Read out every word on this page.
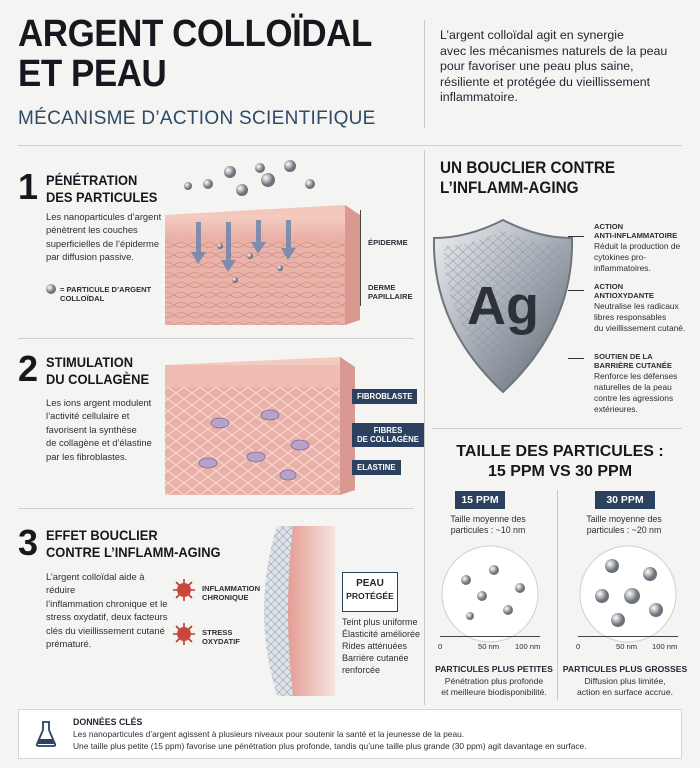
ARGENT COLLOÏDAL
ET PEAU
MÉCANISME D’ACTION SCIENTIFIQUE
L’argent colloïdal agit en synergie
avec les mécanismes naturels de la peau
pour favoriser une peau plus saine,
résiliente et protégée du vieillissement
inflammatoire.
1 PÉNÉTRATION
DES PARTICULES
Les nanoparticules d’argent
pénètrent les couches
superficielles de l’épiderme
par diffusion passive.
= PARTICULE D’ARGENT
COLLOÏDAL
ÉPIDERME
DERME
PAPILLAIRE
2 STIMULATION
DU COLLAGÈNE
Les ions argent modulent
l’activité cellulaire et
favorisent la synthèse
de collagène et d’élastine
par les fibroblastes.
FIBROBLASTE
FIBRES
DE COLLAGÈNE
ELASTINE
3 EFFET BOUCLIER
CONTRE L’INFLAMM-AGING
L’argent colloïdal aide à réduire
l’inflammation chronique et le
stress oxydatif, deux facteurs
clés du vieillissement cutané
prématuré.
INFLAMMATION
CHRONIQUE
STRESS
OXYDATIF
PEAU
PROTÉGÉE
Teint plus uniforme
Élasticité améliorée
Rides atténuées
Barrière cutanée
renforcée
UN BOUCLIER CONTRE
L’INFLAMM-AGING
Ag
ACTION
ANTI-INFLAMMATOIRE
Réduit la production de
cytokines pro-inflammatoires.
ACTION
ANTIOXYDANTE
Neutralise les radicaux
libres responsables
du vieillissement cutané.
SOUTIEN DE LA
BARRIÈRE CUTANÉE
Renforce les défenses
naturelles de la peau
contre les agressions
extérieures.
TAILLE DES PARTICULES :
15 PPM VS 30 PPM
15 PPM
Taille moyenne des
particules : ~10 nm
0	50 nm 100 nm
PARTICULES PLUS PETITES
Pénétration plus profonde
et meilleure biodisponibilité.
30 PPM
Taille moyenne des
particules : ~20 nm
0	50 nm 100 nm
PARTICULES PLUS GROSSES
Diffusion plus limitée,
action en surface accrue.
DONNÉES CLÉS
Les nanoparticules d’argent agissent à plusieurs niveaux pour soutenir la santé et la jeunesse de la peau.
Une taille plus petite (15 ppm) favorise une pénétration plus profonde, tandis qu’une taille plus grande (30 ppm) agit davantage en surface.
